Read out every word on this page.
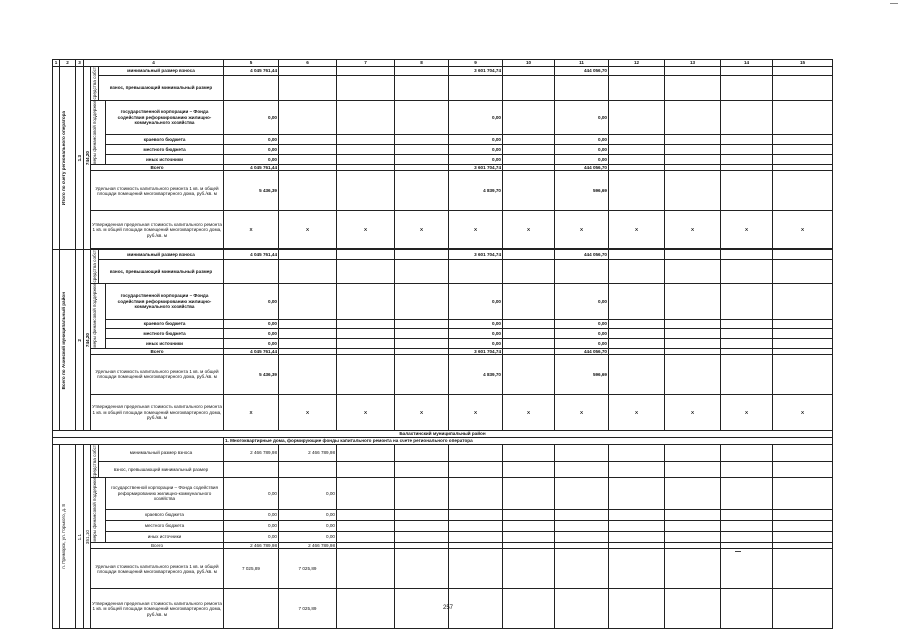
1	2	3	4				5	6	7	8	9	10	11	12	13	14	15

	Итого по счету регионального оператора	1.3	744,20	средства собст	минимальный размер взноса		4 045 761,44				3 601 704,74		444 056,70				
					взнос, превышающий минимальный размер												

				меры финансовой поддержки		государственной корпорации – Фонда содействия реформированию жилищно-коммунального хозяйства	0,00				0,00		0,00				
						краевого бюджета	0,00				0,00		0,00				
						местного бюджета	0,00				0,00		0,00				
						иных источники	0,00				0,00		0,00				
				Всего			4 045 761,44				3 601 704,74		444 056,70				
				Удельная стоимость капитального ремонта 1 кв. м общей площади помещений многоквартирного дома, руб./кв. м			5 436,39				4 839,70		596,69				
				Утвержденная предельная стоимость капитального ремонта 1 кв. м общей площади помещений многоквартирного дома, руб./кв. м			X	X	X	X	X	X	X	X	X	X	X

	Всего по Ачинский муниципальный район	2	744,20	средства собст	минимальный размер взноса		4 045 761,44				3 601 704,74		444 056,70				
					взнос, превышающий минимальный размер												

				меры финансовой поддержки		государственной корпорации – Фонда содействия реформированию жилищно-коммунального хозяйства	0,00				0,00		0,00				
						краевого бюджета	0,00				0,00		0,00				
						местного бюджета	0,00				0,00		0,00				
						иных источники	0,00				0,00		0,00				
				Всего			4 045 761,44				3 601 704,74		444 056,70				
				Удельная стоимость капитального ремонта 1 кв. м общей площади помещений многоквартирного дома, руб./кв. м			5 436,39				4 839,70		596,69				
				Утвержденная предельная стоимость капитального ремонта 1 кв. м общей площади помещений многоквартирного дома, руб./кв. м			X	X	X	X	X	X	X	X	X	X	X
Балахтинский муниципальный район																	
							1. Многоквартирные дома, формирующие фонды капитального ремонта на счете регионального оператора										

	п. Приморск, ул. Горького, д. 8	1.1	351,10	средства собст	минимальный размер взноса		2 466 789,98	2 466 789,98									
					взнос, превышающий минимальный размер												

				меры финансовой поддержки		государственной корпорации – Фонда содействия реформированию жилищно-коммунального хозяйства	0,00	0,00									
						краевого бюджета	0,00	0,00									
						местного бюджета	0,00	0,00									
						иных источники	0,00	0,00									
				Всего			2 466 789,98	2 466 789,98									
				Удельная стоимость капитального ремонта 1 кв. м общей площади помещений многоквартирного дома, руб./кв. м			7 025,89	7 025,89									
				Утвержденная предельная стоимость капитального ремонта 1 кв. м общей площади помещений многоквартирного дома, руб./кв. м				7 025,89										257
